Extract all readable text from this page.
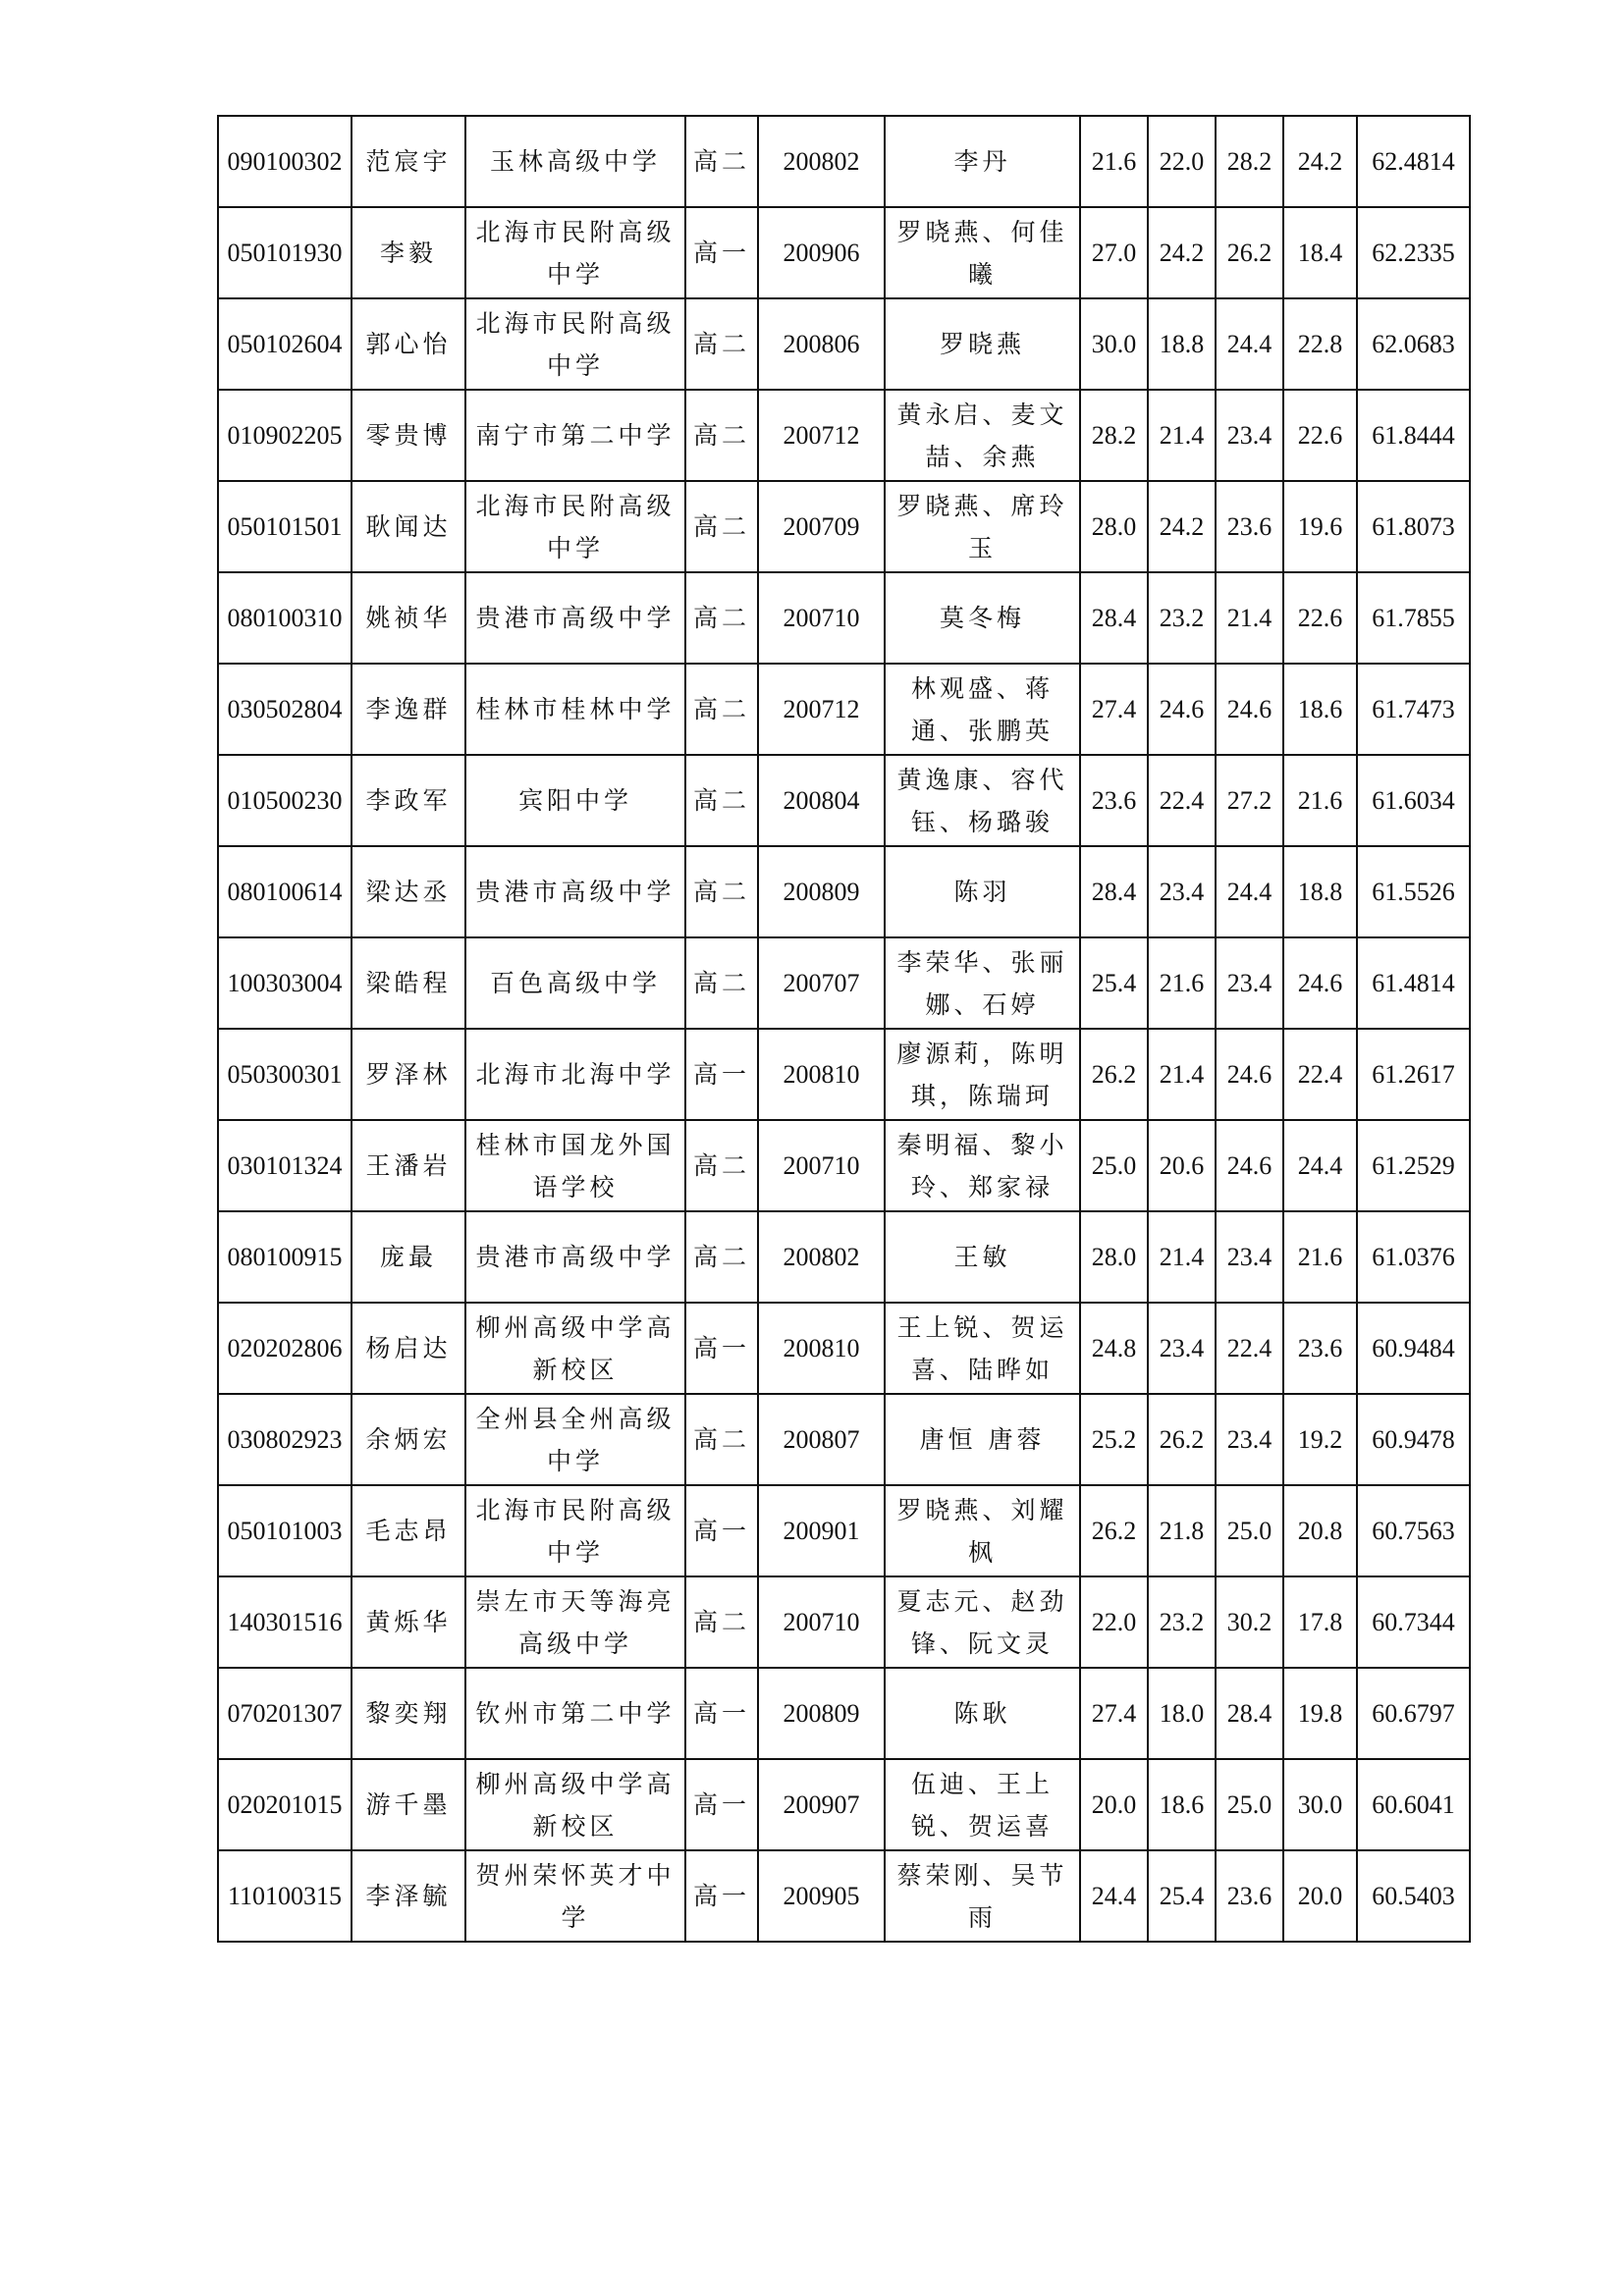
090100302	范宸宇	玉林高级中学	高二	200802	李丹	21.6	22.0	28.2	24.2	62.4814
050101930	李毅	北海市民附高级中学	高一	200906	罗晓燕、何佳曦	27.0	24.2	26.2	18.4	62.2335
050102604	郭心怡	北海市民附高级中学	高二	200806	罗晓燕	30.0	18.8	24.4	22.8	62.0683
010902205	零贵博	南宁市第二中学	高二	200712	黄永启、麦文喆、余燕	28.2	21.4	23.4	22.6	61.8444
050101501	耿闻达	北海市民附高级中学	高二	200709	罗晓燕、席玲玉	28.0	24.2	23.6	19.6	61.8073
080100310	姚祯华	贵港市高级中学	高二	200710	莫冬梅	28.4	23.2	21.4	22.6	61.7855
030502804	李逸群	桂林市桂林中学	高二	200712	林观盛、蒋通、张鹏英	27.4	24.6	24.6	18.6	61.7473
010500230	李政军	宾阳中学	高二	200804	黄逸康、容代钰、杨璐骏	23.6	22.4	27.2	21.6	61.6034
080100614	梁达丞	贵港市高级中学	高二	200809	陈羽	28.4	23.4	24.4	18.8	61.5526
100303004	梁皓程	百色高级中学	高二	200707	李荣华、张丽娜、石婷	25.4	21.6	23.4	24.6	61.4814
050300301	罗泽林	北海市北海中学	高一	200810	廖源莉，陈明琪，陈瑞珂	26.2	21.4	24.6	22.4	61.2617
030101324	王潘岩	桂林市国龙外国语学校	高二	200710	秦明福、黎小玲、郑家禄	25.0	20.6	24.6	24.4	61.2529
080100915	庞最	贵港市高级中学	高二	200802	王敏	28.0	21.4	23.4	21.6	61.0376
020202806	杨启达	柳州高级中学高新校区	高一	200810	王上锐、贺运喜、陆晔如	24.8	23.4	22.4	23.6	60.9484
030802923	余炳宏	全州县全州高级中学	高二	200807	唐恒 唐蓉	25.2	26.2	23.4	19.2	60.9478
050101003	毛志昂	北海市民附高级中学	高一	200901	罗晓燕、刘耀枫	26.2	21.8	25.0	20.8	60.7563
140301516	黄烁华	崇左市天等海亮高级中学	高二	200710	夏志元、赵劲锋、阮文灵	22.0	23.2	30.2	17.8	60.7344
070201307	黎奕翔	钦州市第二中学	高一	200809	陈耿	27.4	18.0	28.4	19.8	60.6797
020201015	游千墨	柳州高级中学高新校区	高一	200907	伍迪、王上锐、贺运喜	20.0	18.6	25.0	30.0	60.6041
110100315	李泽毓	贺州荣怀英才中学	高一	200905	蔡荣刚、吴节雨	24.4	25.4	23.6	20.0	60.5403
